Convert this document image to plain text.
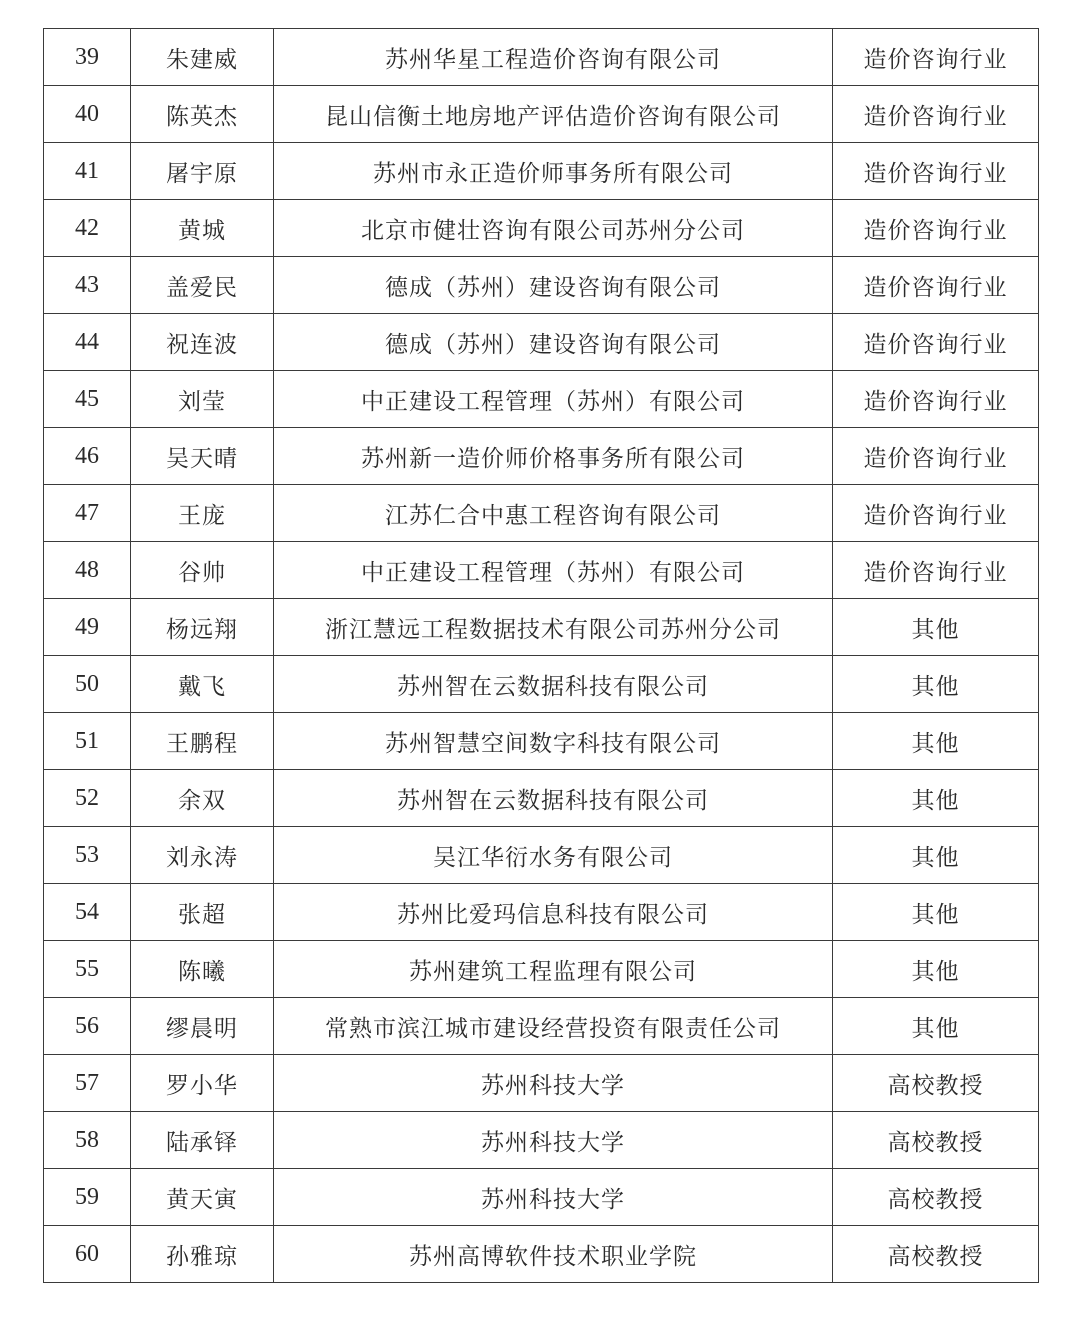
39	朱建威	苏州华星工程造价咨询有限公司	造价咨询行业
40	陈英杰	昆山信衡土地房地产评估造价咨询有限公司	造价咨询行业
41	屠宇原	苏州市永正造价师事务所有限公司	造价咨询行业
42	黄城	北京市健壮咨询有限公司苏州分公司	造价咨询行业
43	盖爱民	德成（苏州）建设咨询有限公司	造价咨询行业
44	祝连波	德成（苏州）建设咨询有限公司	造价咨询行业
45	刘莹	中正建设工程管理（苏州）有限公司	造价咨询行业
46	吴天晴	苏州新一造价师价格事务所有限公司	造价咨询行业
47	王庞	江苏仁合中惠工程咨询有限公司	造价咨询行业
48	谷帅	中正建设工程管理（苏州）有限公司	造价咨询行业
49	杨远翔	浙江慧远工程数据技术有限公司苏州分公司	其他
50	戴飞	苏州智在云数据科技有限公司	其他
51	王鹏程	苏州智慧空间数字科技有限公司	其他
52	余双	苏州智在云数据科技有限公司	其他
53	刘永涛	吴江华衍水务有限公司	其他
54	张超	苏州比爱玛信息科技有限公司	其他
55	陈曦	苏州建筑工程监理有限公司	其他
56	缪晨明	常熟市滨江城市建设经营投资有限责任公司	其他
57	罗小华	苏州科技大学	高校教授
58	陆承铎	苏州科技大学	高校教授
59	黄天寅	苏州科技大学	高校教授
60	孙雅琼	苏州高博软件技术职业学院	高校教授
